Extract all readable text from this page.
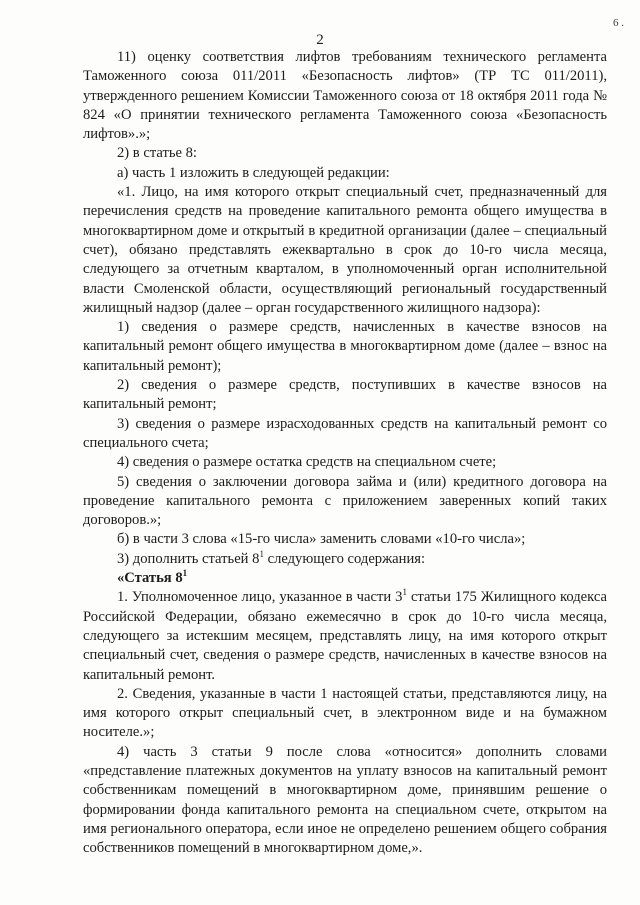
6 .
2

11) оценку соответствия лифтов требованиям технического регламента Таможенного союза 011/2011 «Безопасность лифтов» (ТР ТС 011/2011), утвержденного решением Комиссии Таможенного союза от 18 октября 2011 года № 824 «О принятии технического регламента Таможенного союза «Безопасность лифтов».»;

2) в статье 8:

а) часть 1 изложить в следующей редакции:

«1. Лицо, на имя которого открыт специальный счет, предназначенный для перечисления средств на проведение капитального ремонта общего имущества в многоквартирном доме и открытый в кредитной организации (далее – специальный счет), обязано представлять ежеквартально в срок до 10-го числа месяца, следующего за отчетным кварталом, в уполномоченный орган исполнительной власти Смоленской области, осуществляющий региональный государственный жилищный надзор (далее – орган государственного жилищного надзора):

1) сведения о размере средств, начисленных в качестве взносов на капитальный ремонт общего имущества в многоквартирном доме (далее – взнос на капитальный ремонт);

2) сведения о размере средств, поступивших в качестве взносов на капитальный ремонт;

3) сведения о размере израсходованных средств на капитальный ремонт со специального счета;

4) сведения о размере остатка средств на специальном счете;

5) сведения о заключении договора займа и (или) кредитного договора на проведение капитального ремонта с приложением заверенных копий таких договоров.»;

б) в части 3 слова «15-го числа» заменить словами «10-го числа»;

3) дополнить статьей $8^1$ следующего содержания:

«Статья $8^1$

1. Уполномоченное лицо, указанное в части $3^1$ статьи 175 Жилищного кодекса Российской Федерации, обязано ежемесячно в срок до 10-го числа месяца, следующего за истекшим месяцем, представлять лицу, на имя которого открыт специальный счет, сведения о размере средств, начисленных в качестве взносов на капитальный ремонт.

2. Сведения, указанные в части 1 настоящей статьи, представляются лицу, на имя которого открыт специальный счет, в электронном виде и на бумажном носителе.»;

4) часть 3 статьи 9 после слова «относится» дополнить словами «представление платежных документов на уплату взносов на капитальный ремонт собственникам помещений в многоквартирном доме, принявшим решение о формировании фонда капитального ремонта на специальном счете, открытом на имя регионального оператора, если иное не определено решением общего собрания собственников помещений в многоквартирном доме,».
